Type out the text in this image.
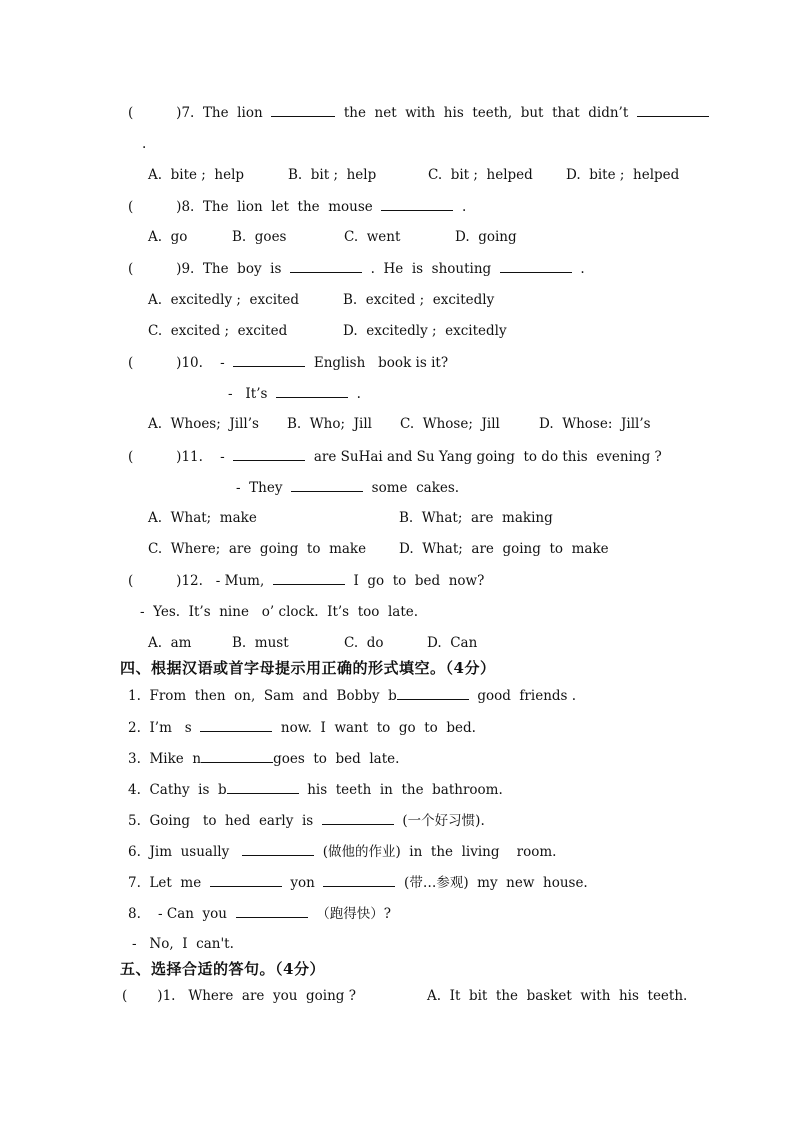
(          )7.  The  lion	the  net  with  his  teeth,  but  that  didn’t
.
A.  bite ;  help	B.  bit ;  help	C.  bit ;  helped D.  bite ;  helped
(          )8.  The  lion  let  the  mouse	.
A.  go	B.  goes	C.  went	D.  going
(          )9.  The  boy  is	.  He  is  shouting	.
A.  excitedly ;  excited	B.  excited ;  excitedly
C.  excited ;  excited	D.  excitedly ;  excitedly
(          )10.    -	English   book is it?
-   It’s	.
A.  Whoes;  Jill’s B.  Who;  Jill C.  Whose;  Jill	D.  Whose:  Jill’s
(          )11.    -	are SuHai and Su Yang going  to do this  evening ?
-  They	some  cakes.
A.  What;  make	B.  What;  are  making
C.  Where;  are  going  to  make D.  What;  are  going  to  make
(          )12.   - Mum,	I  go  to  bed  now?
-  Yes.  It’s  nine   o’ clock.  It’s  too  late.
A.  am	B.  must	C.  do	D.  Can
四、根据汉语或首字母提示用正确的形式填空。（4分）
1.  From  then  on,  Sam  and  Bobby  b	good  friends .
2.  I’m   s	now.  I  want  to  go  to  bed.
3.  Mike  n	goes  to  bed  late.
4.  Cathy  is  b	his  teeth  in  the  bathroom.
5.  Going   to  hed  early  is	(一个好习惯).
6.  Jim  usually	(做他的作业)  in  the  living    room.
7.  Let  me	yon	(带…参观)  my  new  house.
8.    - Can  you	（跑得快）?
-   No,  I  can't.
五、选择合适的答句。（4分）
(       )1.   Where  are  you  going ?	A.  It  bit  the  basket  with  his  teeth.
